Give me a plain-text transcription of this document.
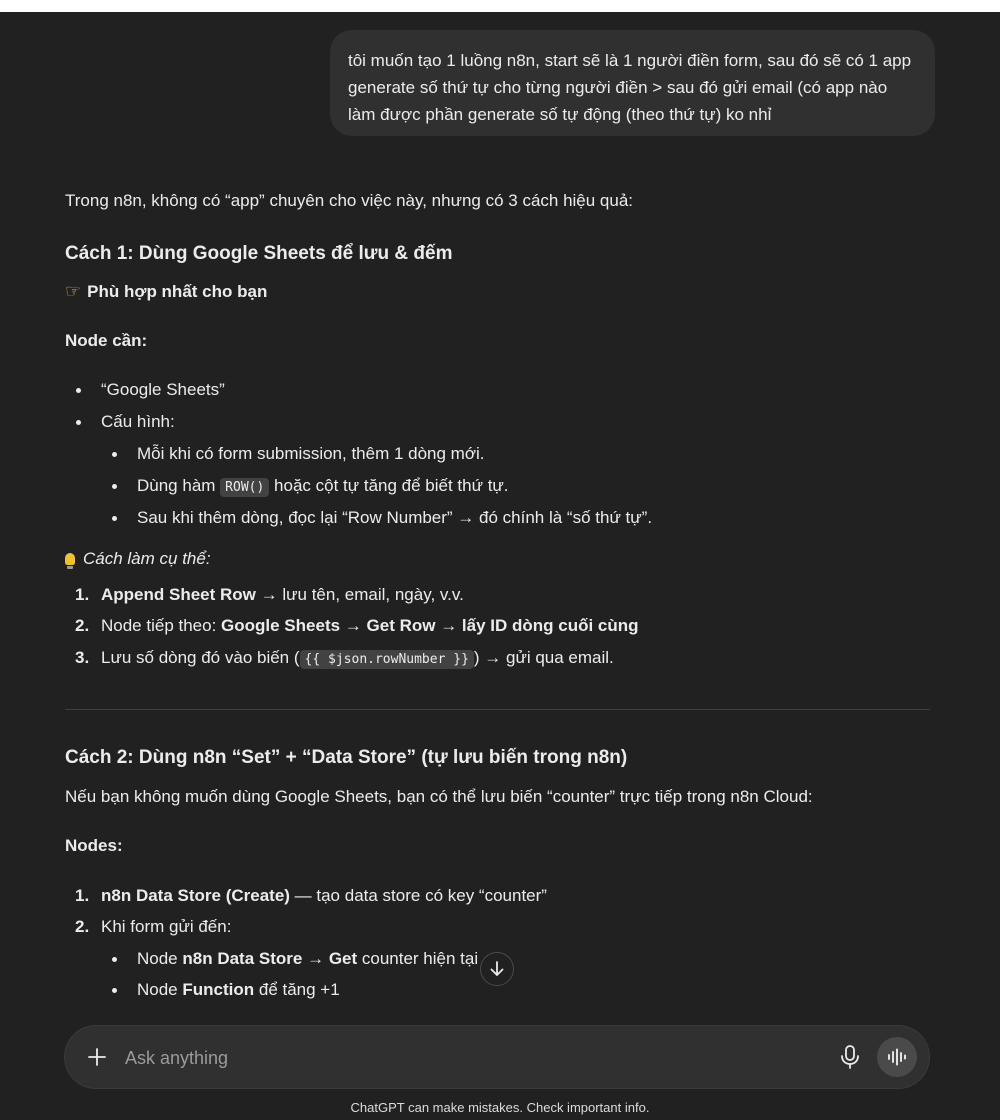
tôi muốn tạo 1 luồng n8n, start sẽ là 1 người điền form, sau đó sẽ có 1 app generate số thứ tự cho từng người điền > sau đó gửi email (có app nào làm được phần generate số tự động (theo thứ tự) ko nhỉ

Trong n8n, không có “app” chuyên cho việc này, nhưng có 3 cách hiệu quả:

Cách 1: Dùng Google Sheets để lưu & đếm

☞ Phù hợp nhất cho bạn

Node cần:

“Google Sheets”
Cấu hình:
Mỗi khi có form submission, thêm 1 dòng mới.
Dùng hàm ROW() hoặc cột tự tăng để biết thứ tự.
Sau khi thêm dòng, đọc lại “Row Number” → đó chính là “số thứ tự”.

Cách làm cụ thể:

1. Append Sheet Row → lưu tên, email, ngày, v.v.
2. Node tiếp theo: Google Sheets → Get Row → lấy ID dòng cuối cùng
3. Lưu số dòng đó vào biến ( {{ $json.rowNumber }} ) → gửi qua email.
Cách 2: Dùng n8n “Set” + “Data Store” (tự lưu biến trong n8n)

Nếu bạn không muốn dùng Google Sheets, bạn có thể lưu biến “counter” trực tiếp trong n8n Cloud:

Nodes:

1. n8n Data Store (Create) — tạo data store có key “counter”
2. Khi form gửi đến:
Node n8n Data Store → Get counter hiện tại
Node Function để tăng +1
Ask anything
ChatGPT can make mistakes. Check important info.
